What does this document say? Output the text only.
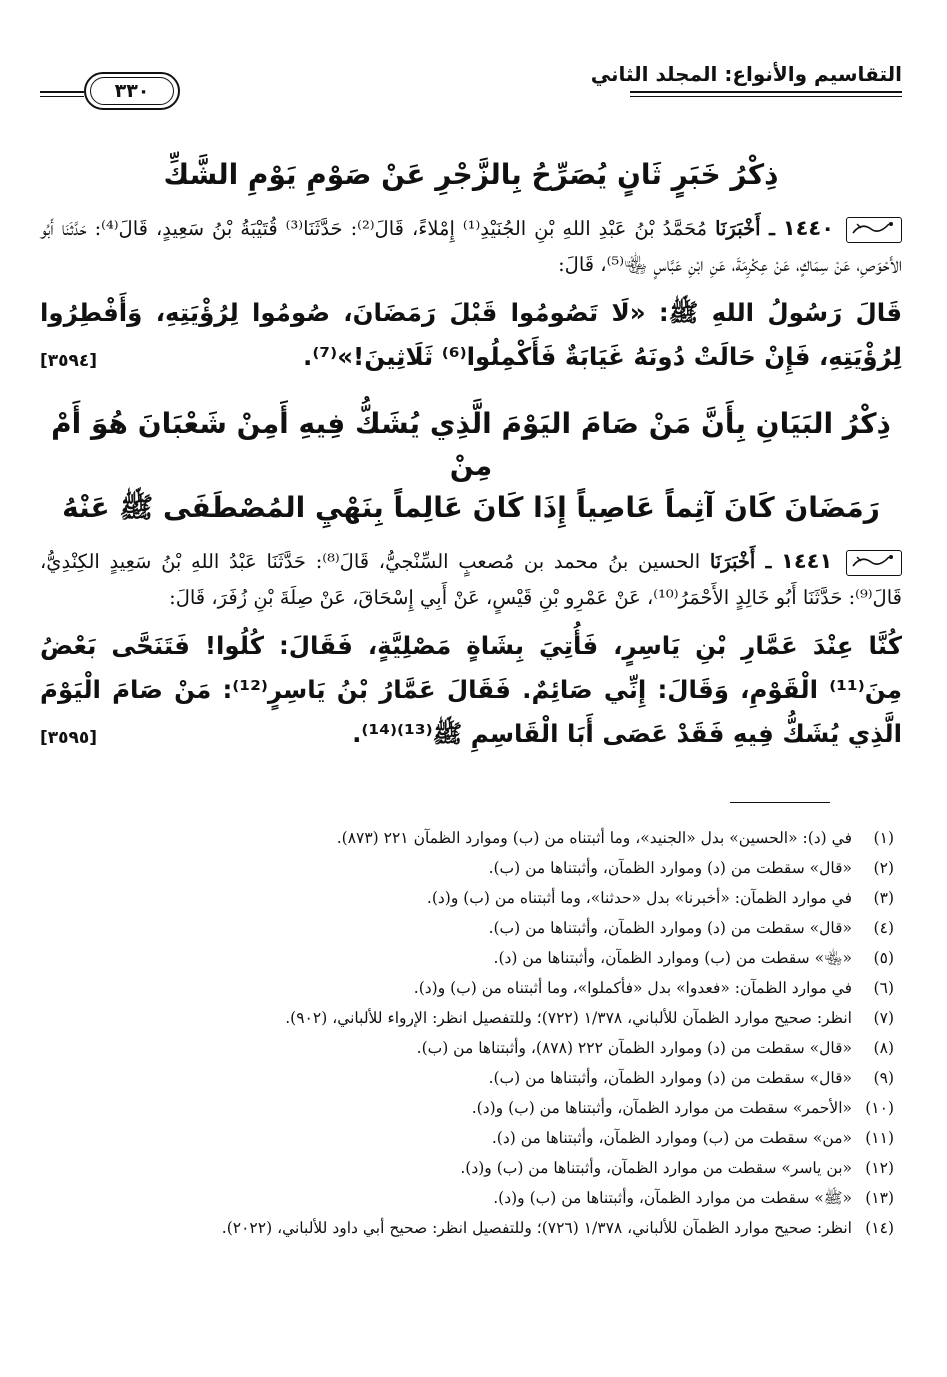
التقاسيم والأنواع: المجلد الثاني
٣٣٠
ذِكْرُ خَبَرٍ ثَانٍ يُصَرِّحُ بِالزَّجْرِ عَنْ صَوْمِ يَوْمِ الشَّكِّ

١٤٤٠ ـ أَخْبَرَنَا مُحَمَّدُ بْنُ عَبْدِ اللهِ بْنِ الجُنَيْدِ⁽¹⁾ إِمْلاءً، قَالَ⁽²⁾: حَدَّثَنَا⁽³⁾ قُتَيْبَةُ بْنُ سَعِيدٍ، قَالَ⁽⁴⁾: حَدَّثَنَا أَبُو الأَحْوَصِ، عَنْ سِمَاكٍ، عَنْ عِكْرِمَةَ، عَنِ ابْنِ عَبَّاسٍ ﵄⁽⁵⁾، قَالَ:

قَالَ رَسُولُ اللهِ ﷺ: «لَا تَصُومُوا قَبْلَ رَمَضَانَ، صُومُوا لِرُؤْيَتِهِ، وَأَفْطِرُوا لِرُؤْيَتِهِ، فَإِنْ حَالَتْ دُونَهُ غَيَابَةٌ فَأَكْمِلُوا⁽⁶⁾ ثَلَاثِينَ!»⁽⁷⁾.
[٣٥٩٤]

ذِكْرُ البَيَانِ بِأَنَّ مَنْ صَامَ اليَوْمَ الَّذِي يُشَكُّ فِيهِ أَمِنْ شَعْبَانَ هُوَ أَمْ مِنْ
رَمَضَانَ كَانَ آثِماً عَاصِياً إِذَا كَانَ عَالِماً بِنَهْيِ المُصْطَفَى ﷺ عَنْهُ

١٤٤١ ـ أَخْبَرَنَا الحسين بنُ محمد بن مُصعبٍ السِّنْجيُّ، قَالَ⁽⁸⁾: حَدَّثَنَا عَبْدُ اللهِ بْنُ سَعِيدٍ الكِنْدِيُّ، قَالَ⁽⁹⁾: حَدَّثَنَا أَبُو خَالِدٍ الأَحْمَرُ⁽¹⁰⁾، عَنْ عَمْرِو بْنِ قَيْسٍ، عَنْ أَبِي إِسْحَاقَ، عَنْ صِلَةَ بْنِ زُفَرَ، قَالَ:

كُنَّا عِنْدَ عَمَّارِ بْنِ يَاسِرٍ، فَأُتِيَ بِشَاةٍ مَصْلِيَّةٍ، فَقَالَ: كُلُوا! فَتَنَحَّى بَعْضُ مِنَ⁽¹¹⁾ الْقَوْمِ، وَقَالَ: إِنِّي صَائِمٌ. فَقَالَ عَمَّارُ بْنُ يَاسِرٍ⁽¹²⁾: مَنْ صَامَ الْيَوْمَ الَّذِي يُشَكُّ فِيهِ فَقَدْ عَصَى أَبَا الْقَاسِمِ ﷺ⁽¹³⁾⁽¹⁴⁾.
[٣٥٩٥]

(١)
في (د): «الحسين» بدل «الجنيد»، وما أثبتناه من (ب) وموارد الظمآن ٢٢١ (٨٧٣).
(٢)
«قال» سقطت من (د) وموارد الظمآن، وأثبتناها من (ب).
(٣)
في موارد الظمآن: «أخبرنا» بدل «حدثنا»، وما أثبتناه من (ب) و(د).
(٤)
«قال» سقطت من (د) وموارد الظمآن، وأثبتناها من (ب).
(٥)
«﵄» سقطت من (ب) وموارد الظمآن، وأثبتناها من (د).
(٦)
في موارد الظمآن: «فعدوا» بدل «فأكملوا»، وما أثبتناه من (ب) و(د).
(٧)
انظر: صحيح موارد الظمآن للألباني، ١/٣٧٨ (٧٢٢)؛ وللتفصيل انظر: الإرواء للألباني، (٩٠٢).
(٨)
«قال» سقطت من (د) وموارد الظمآن ٢٢٢ (٨٧٨)، وأثبتناها من (ب).
(٩)
«قال» سقطت من (د) وموارد الظمآن، وأثبتناها من (ب).
(١٠)
«الأحمر» سقطت من موارد الظمآن، وأثبتناها من (ب) و(د).
(١١)
«من» سقطت من (ب) وموارد الظمآن، وأثبتناها من (د).
(١٢)
«بن ياسر» سقطت من موارد الظمآن، وأثبتناها من (ب) و(د).
(١٣)
«ﷺ» سقطت من موارد الظمآن، وأثبتناها من (ب) و(د).
(١٤)
انظر: صحيح موارد الظمآن للألباني، ١/٣٧٨ (٧٢٦)؛ وللتفصيل انظر: صحيح أبي داود للألباني، (٢٠٢٢).
